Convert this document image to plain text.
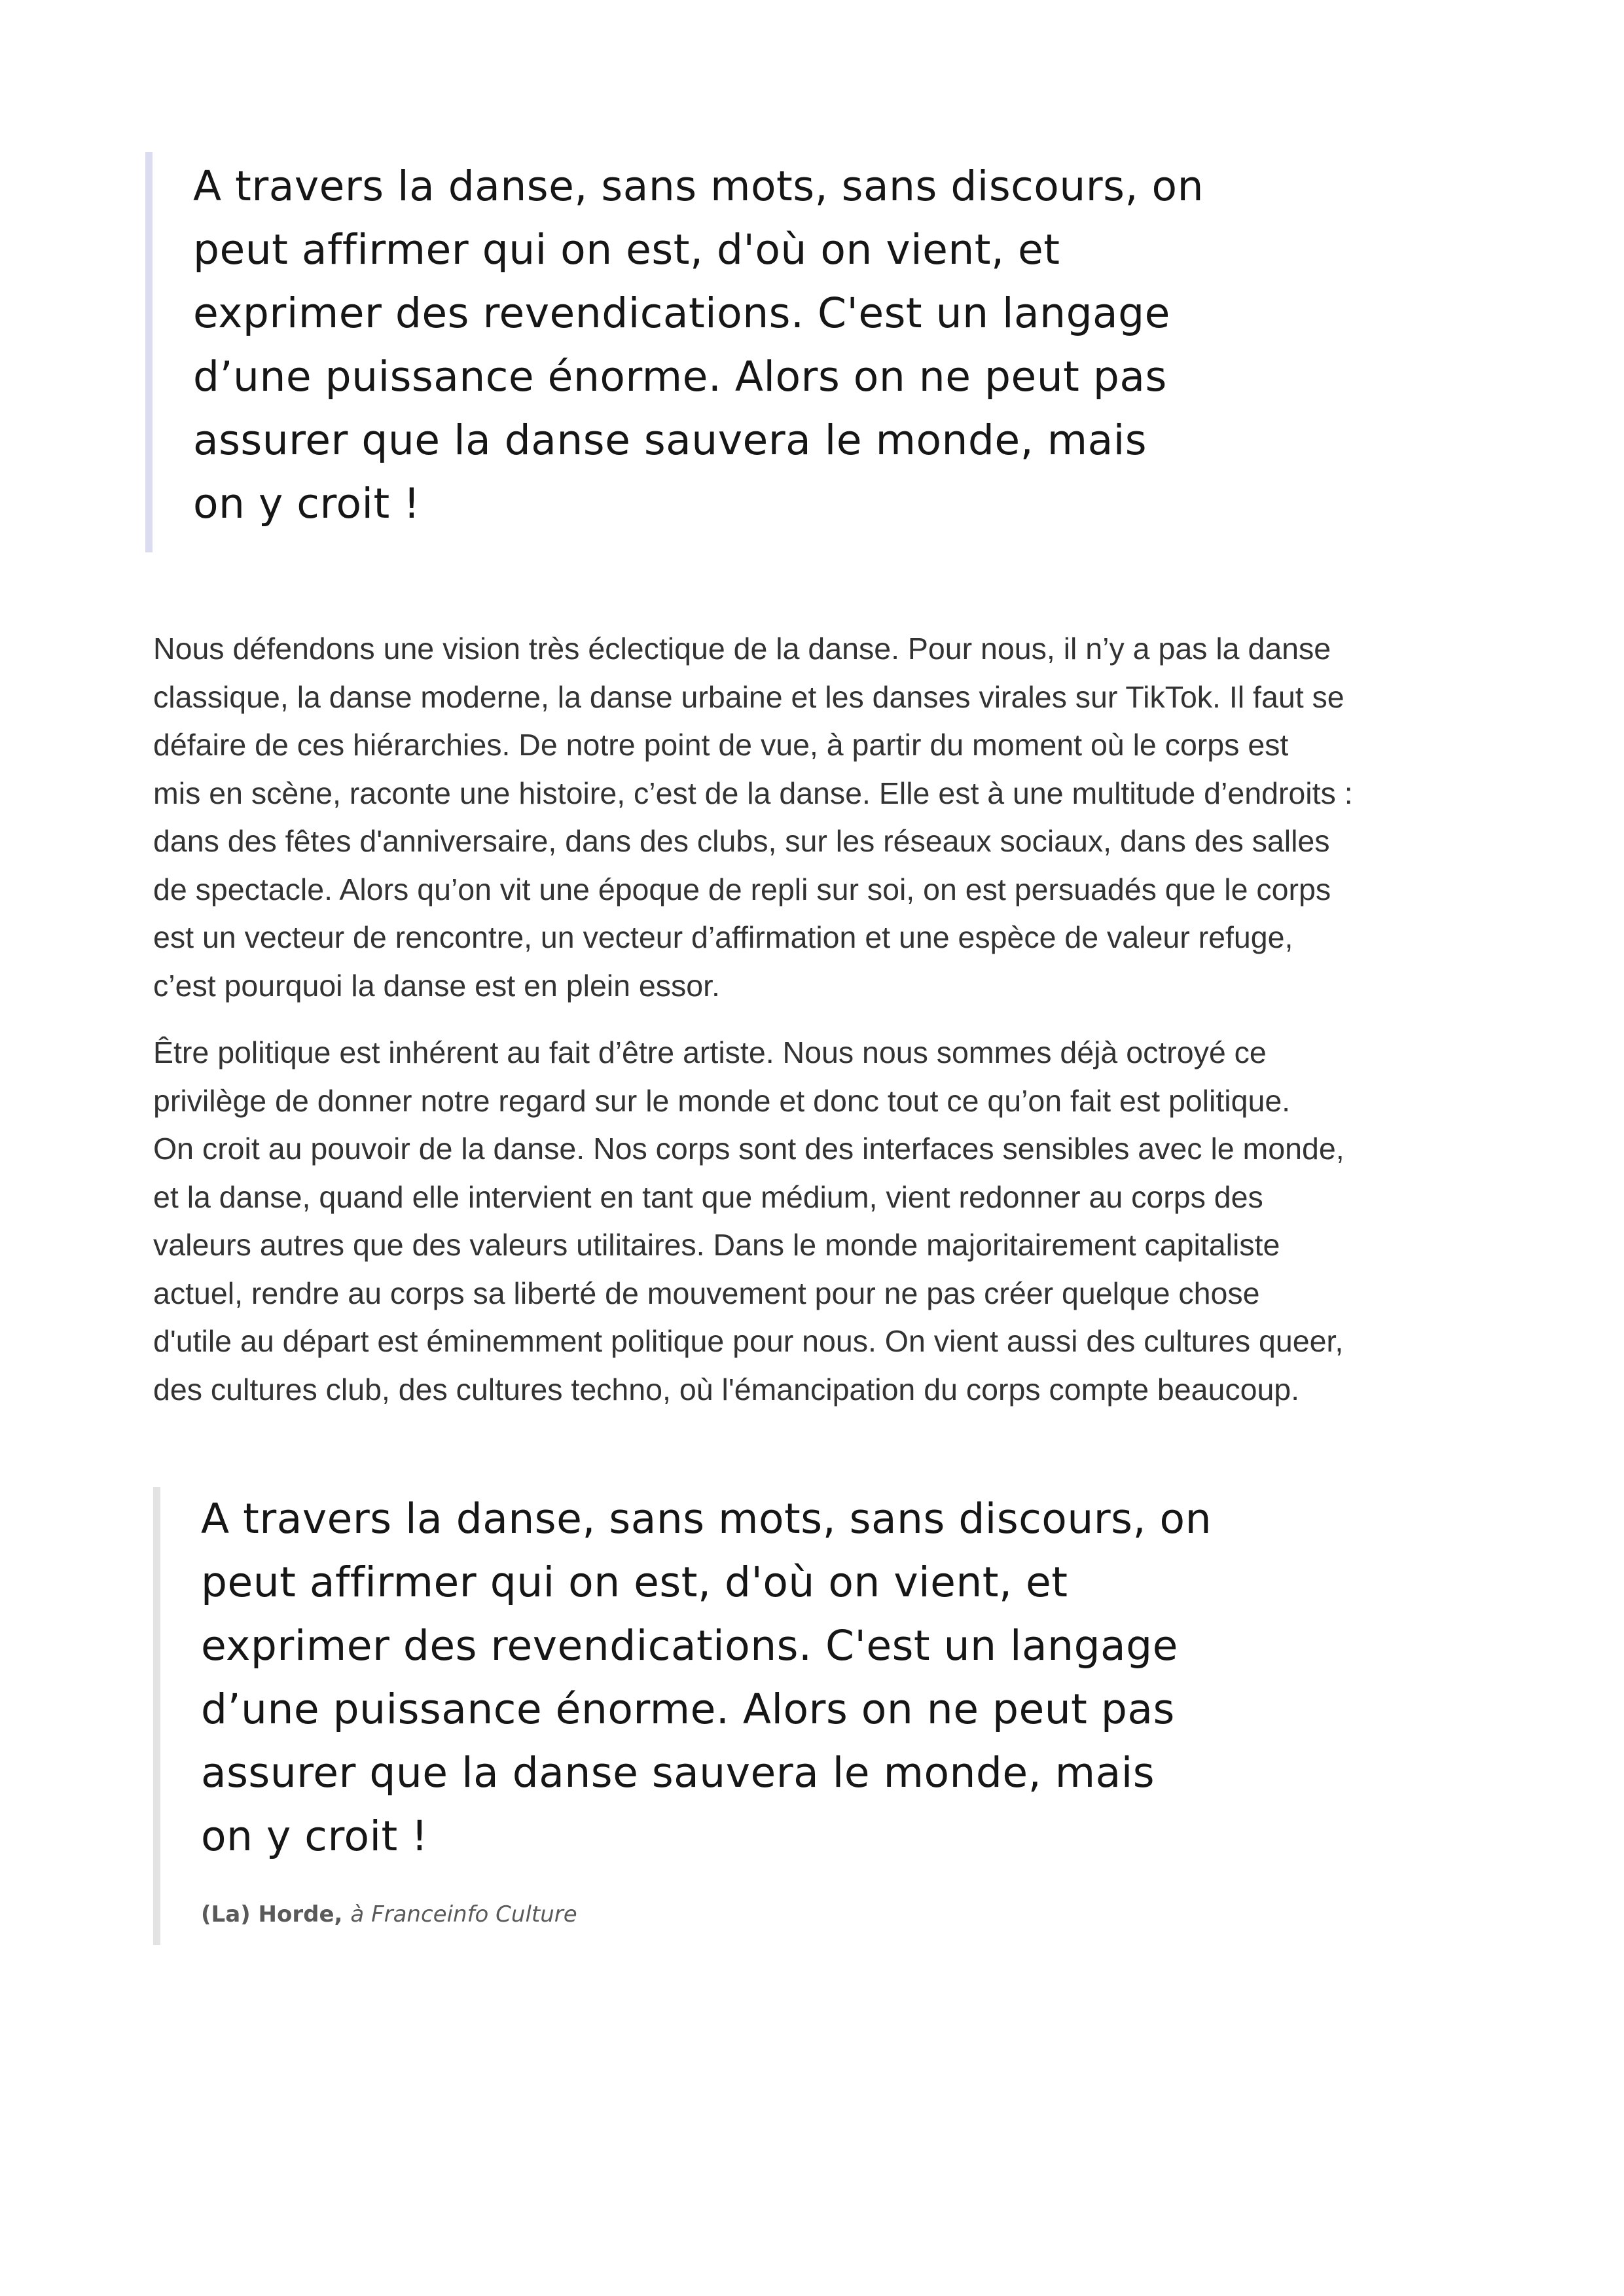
A travers la danse, sans mots, sans discours, on
peut affirmer qui on est, d'où on vient, et
exprimer des revendications. C'est un langage
d’une puissance énorme. Alors on ne peut pas
assurer que la danse sauvera le monde, mais
on y croit !

Nous défendons une vision très éclectique de la danse. Pour nous, il n’y a pas la danse
classique, la danse moderne, la danse urbaine et les danses virales sur TikTok. Il faut se
défaire de ces hiérarchies. De notre point de vue, à partir du moment où le corps est
mis en scène, raconte une histoire, c’est de la danse. Elle est à une multitude d’endroits :
dans des fêtes d'anniversaire, dans des clubs, sur les réseaux sociaux, dans des salles
de spectacle. Alors qu’on vit une époque de repli sur soi, on est persuadés que le corps
est un vecteur de rencontre, un vecteur d’affirmation et une espèce de valeur refuge,
c’est pourquoi la danse est en plein essor.
Être politique est inhérent au fait d’être artiste. Nous nous sommes déjà octroyé ce
privilège de donner notre regard sur le monde et donc tout ce qu’on fait est politique.
On croit au pouvoir de la danse. Nos corps sont des interfaces sensibles avec le monde,
et la danse, quand elle intervient en tant que médium, vient redonner au corps des
valeurs autres que des valeurs utilitaires. Dans le monde majoritairement capitaliste
actuel, rendre au corps sa liberté de mouvement pour ne pas créer quelque chose
d'utile au départ est éminemment politique pour nous. On vient aussi des cultures queer,
des cultures club, des cultures techno, où l'émancipation du corps compte beaucoup.

A travers la danse, sans mots, sans discours, on
peut affirmer qui on est, d'où on vient, et
exprimer des revendications. C'est un langage
d’une puissance énorme. Alors on ne peut pas
assurer que la danse sauvera le monde, mais
on y croit !

(La) Horde, à Franceinfo Culture
